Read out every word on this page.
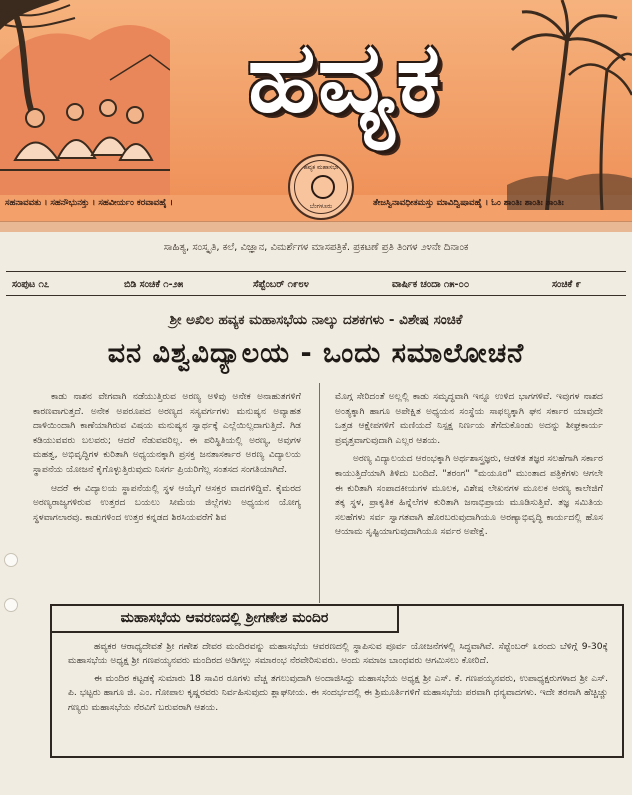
ಹವ್ಯಕ
ಹವ್ಯಕ ಮಹಾಸಭಾ
ಬೆಂಗಳೂರು
ಸಹನಾವವತು । ಸಹನೌಭುನಕ್ತು । ಸಹವೀರ್ಯಂ ಕರವಾವಹೈ ।	ತೇಜಸ್ವಿನಾವಧೀತಮಸ್ತು ಮಾವಿದ್ವಿಷಾವಹೈ । ಓಂ ಶಾಂತಿಃ ಶಾಂತಿಃ ಶಾಂತಿಃ
ಸಾಹಿತ್ಯ, ಸಂಸ್ಕೃತಿ, ಕಲೆ, ವಿಜ್ಞಾನ, ವಿಮರ್ಶೆಗಳ ಮಾಸಪತ್ರಿಕೆ. ಪ್ರಕಟಣೆ ಪ್ರತಿ ತಿಂಗಳ ೨೪ನೇ ದಿನಾಂಕ
ಸಂಪುಟ ೧೭	ಬಿಡಿ ಸಂಚಿಕೆ ೧-೨೫	ಸೆಪ್ಟೆಂಬರ್ ೧೯೮೪	ವಾರ್ಷಿಕ ಚಂದಾ ೧೫-೦೦	ಸಂಚಿಕೆ ೯
ಶ್ರೀ ಅಖಿಲ ಹವ್ಯಕ ಮಹಾಸಭೆಯ ನಾಲ್ಕು ದಶಕಗಳು - ವಿಶೇಷ ಸಂಚಿಕೆ
ವನ ವಿಶ್ವವಿದ್ಯಾಲಯ - ಒಂದು ಸಮಾಲೋಚನೆ

ಕಾಡು ನಾಶನ ವೇಗವಾಗಿ ನಡೆಯುತ್ತಿರುವ ಅರಣ್ಯ ಅಳಿವು ಅನೇಕ ಅನಾಹುತಗಳಿಗೆ ಕಾರಣವಾಗುತ್ತದೆ. ಅನೇಕ ಅಪರೂಪದ ಅರಣ್ಯದ ಸಸ್ಯವರ್ಗಗಳು ಮನುಷ್ಯನ ಅವ್ಯಾಹತ ದಾಳಿಯಿಂದಾಗಿ ಕಾಣೆಯಾಗಿರುವ ವಿಷಯ ಮನುಷ್ಯನ ಸ್ವಾರ್ಥಕ್ಕೆ ಎಲ್ಲೆಯಿಲ್ಲದಾಗುತ್ತಿದೆ. ಗಿಡ ಕಡಿಯುವವರು ಬಲವರು; ಆದರೆ ನೆಡುವವರಿಲ್ಲ. ಈ ಪರಿಸ್ಥಿತಿಯಲ್ಲಿ ಅರಣ್ಯ, ಅವುಗಳ ಮಹತ್ವ, ಅಭಿವೃದ್ಧಿಗಳ ಕುರಿತಾಗಿ ಅಧ್ಯಯನಕ್ಕಾಗಿ ಪ್ರಸಕ್ತ ಜನತಾಸರ್ಕಾರ ಅರಣ್ಯ ವಿದ್ಯಾಲಯ ಸ್ಥಾಪನೆಯ ಯೋಜನೆ ಕೈಗೊಳ್ಳುತ್ತಿರುವುದು ನಿಸರ್ಗ ಪ್ರಿಯರಿಗೆಲ್ಲ ಸಂತಸದ ಸಂಗತಿಯಾಗಿದೆ.

ಆದರೆ ಈ ವಿದ್ಯಾಲಯ ಸ್ಥಾಪನೆಯಲ್ಲಿ ಸ್ಥಳ ಆಯ್ಕೆಗೆ ಆಸಕ್ತರ ವಾದಗಳಿದ್ದಿವೆ. ಕೈಮರದ ಅರಣ್ಯರಾಜ್ಯಗಳಿರುವ ಉತ್ತರದ ಬಯಲು ಸೀಮೆಯ ಜಿಲ್ಲೆಗಳು ಅಧ್ಯಯನ ಯೋಗ್ಯ ಸ್ಥಳವಾಗಲಾರವು. ಕಾಡುಗಳಿಂದ ಉತ್ತರ ಕನ್ನಡದ ಶಿರಸಿಯವರೆಗೆ ಶಿವ

ಮೊಗ್ಗ ಸೇರಿದಂತೆ ಅಲ್ಲಲ್ಲಿ ಕಾಡು ಸಮೃದ್ಧವಾಗಿ ಇನ್ನೂ ಉಳಿದ ಭಾಗಗಳಿವೆ. ಇವುಗಳ ನಾಶದ ಅಂತ್ಯಕ್ಕಾಗಿ ಹಾಗೂ ಅಪೇಕ್ಷಿತ ಅಧ್ಯಯನ ಸಂಸ್ಥೆಯ ಸಾಫಲ್ಯಕ್ಕಾಗಿ ಘನ ಸರ್ಕಾರ ಯಾವುದೇ ಒತ್ತಡ ಆಕ್ಷೇಪಗಳಿಗೆ ಮಣಿಯದೆ ನಿಸ್ಪಕ್ಷ ನಿರ್ಣಯ ತೆಗೆದುಕೊಂಡು ಅದನ್ನು ಶೀಘ್ರಕಾರ್ಯ ಪ್ರವೃತ್ತವಾಗುವುದಾಗಿ ಎಲ್ಲರ ಆಶಯ.

ಅರಣ್ಯ ವಿದ್ಯಾಲಯದ ಆರಂಭಕ್ಕಾಗಿ ಅರ್ಥಶಾಸ್ತ್ರಜ್ಞರು, ಆಡಳಿತ ತಜ್ಞರ ಸಲಹೆಗಾಗಿ ಸರ್ಕಾರ ಕಾಯುತ್ತಿದೆಯಾಗಿ ತಿಳಿದು ಬಂದಿದೆ. "ತರಂಗ" "ಮಯೂರ" ಮುಂತಾದ ಪತ್ರಿಕೆಗಳು ಆಗಲೇ ಈ ಕುರಿತಾಗಿ ಸಂಪಾದಕೀಯಗಳ ಮೂಲಕ, ವಿಶೇಷ ಲೇಖನಗಳ ಮೂಲಕ ಅರಣ್ಯ ಕಾಲೇಜಿಗೆ ತಕ್ಕ ಸ್ಥಳ, ಪ್ರಾಕೃತಿಕ ಹಿನ್ನೆಲೆಗಳ ಕುರಿತಾಗಿ ಜನಾಭಿಪ್ರಾಯ ಮೂಡಿಸುತ್ತಿವೆ. ತಜ್ಞ ಸಮಿತಿಯ ಸಲಹೆಗಳು ಸರ್ವ ಸ್ವಾಗತವಾಗಿ ಹೊರಬರುವುದಾಗಿಯೂ ಅರಣ್ಯಾಭಿವೃದ್ಧಿ ಕಾರ್ಯದಲ್ಲಿ ಹೊಸ ಆಯಾಮ ಸೃಷ್ಟಿಯಾಗುವುದಾಗಿಯೂ ಸರ್ವರ ಅಪೇಕ್ಷೆ.

ಮಹಾಸಭೆಯ ಆವರಣದಲ್ಲಿ ಶ್ರೀಗಣೇಶ ಮಂದಿರ

ಹವ್ಯಕರ ಆರಾಧ್ಯದೇವತೆ ಶ್ರೀ ಗಣೇಶ ದೇವರ ಮಂದಿರವನ್ನು ಮಹಾಸಭೆಯ ಆವರಣದಲ್ಲಿ ಸ್ಥಾಪಿಸುವ ಪೂರ್ವ ಯೋಜನೆಗಳಲ್ಲಿ ಸಿದ್ಧವಾಗಿವೆ. ಸೆಪ್ಟೆಂಬರ್ ೩ರಂದು ಬೆಳಿಗ್ಗೆ 9-30ಕ್ಕೆ ಮಹಾಸಭೆಯ ಅಧ್ಯಕ್ಷ ಶ್ರೀ ಗಣಪಯ್ಯನವರು ಮಂದಿರದ ಅಡಿಗಲ್ಲು ಸಮಾರಂಭ ನೆರವೇರಿಸುವರು. ಅಂದು ಸಮಾಜ ಬಾಂಧವರು ಆಗಮಿಸಲು ಕೋರಿದೆ.

ಈ ಮಂದಿರ ಕಟ್ಟಡಕ್ಕೆ ಸುಮಾರು 18 ಸಾವಿರ ರೂಗಳು ವೆಚ್ಚ ತಗಲುವುದಾಗಿ ಅಂದಾಜಿಸಿದ್ದು ಮಹಾಸಭೆಯ ಅಧ್ಯಕ್ಷ ಶ್ರೀ ಎಸ್. ಕೆ. ಗಣಪಯ್ಯನವರು, ಉಪಾಧ್ಯಕ್ಷರುಗಳಾದ ಶ್ರೀ ಎಸ್. ಪಿ. ಭಟ್ಟರು ಹಾಗೂ ಜಿ. ಎಂ. ಗೋಪಾಲ ಕೃಷ್ಣರವರು ನಿರ್ವಹಿಸುವುದು ಶ್ಲಾಘನೀಯ. ಈ ಸಂದರ್ಭದಲ್ಲಿ ಈ ಶ್ರಿಮೂರ್ತಿಗಳಿಗೆ ಮಹಾಸಭೆಯ ಪರವಾಗಿ ಧನ್ಯವಾದಗಳು. ಇದೇ ತರನಾಗಿ ಹೆಚ್ಚಿಚ್ಚು ಗಣ್ಯರು ಮಹಾಸಭೆಯ ನೆರವಿಗೆ ಬರುವರಾಗಿ ಆಶಯ.
